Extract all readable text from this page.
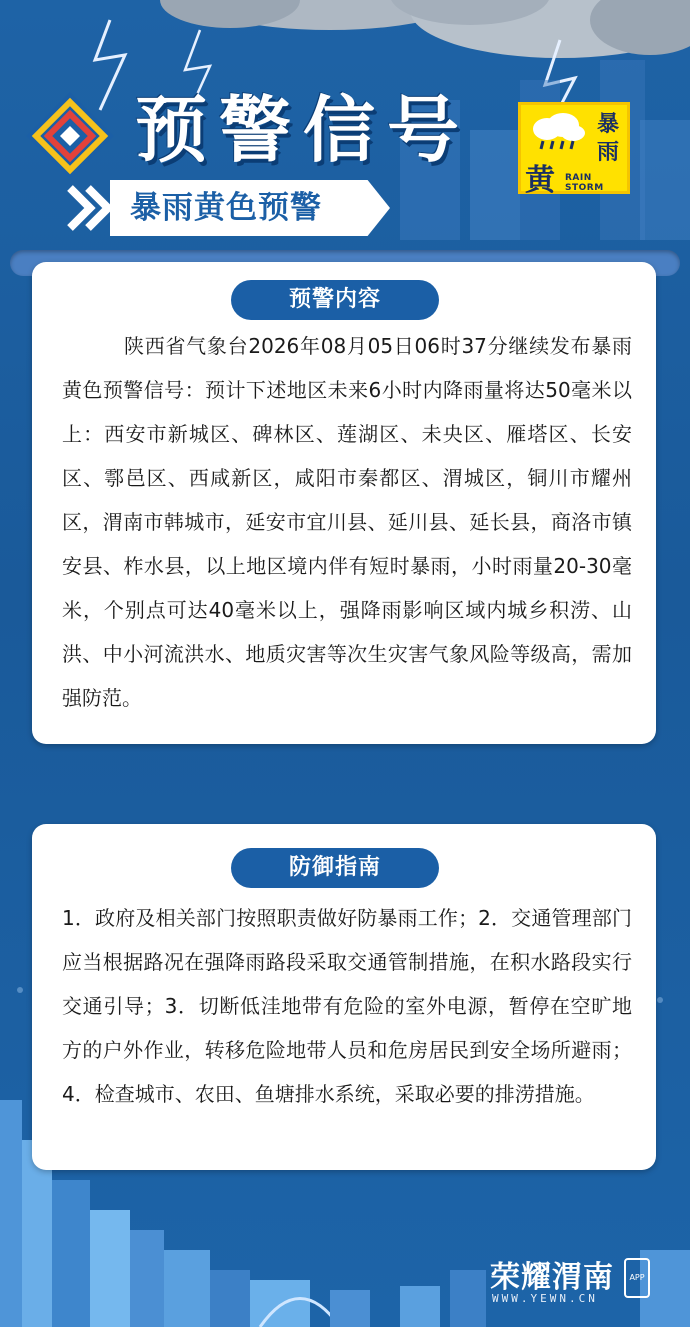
预警信号
暴雨黄色预警
暴
雨
黄 RAIN STORM
预警内容
陕西省气象台2026年08月05日06时37分继续发布暴雨黄色预警信号：预计下述地区未来6小时内降雨量将达50毫米以上：西安市新城区、碑林区、莲湖区、未央区、雁塔区、长安区、鄠邑区、西咸新区，咸阳市秦都区、渭城区，铜川市耀州区，渭南市韩城市，延安市宜川县、延川县、延长县，商洛市镇安县、柞水县，以上地区境内伴有短时暴雨，小时雨量20-30毫米，个别点可达40毫米以上，强降雨影响区域内城乡积涝、山洪、中小河流洪水、地质灾害等次生灾害气象风险等级高，需加强防范。
防御指南
1．政府及相关部门按照职责做好防暴雨工作；2．交通管理部门应当根据路况在强降雨路段采取交通管制措施，在积水路段实行交通引导；3．切断低洼地带有危险的室外电源，暂停在空旷地方的户外作业，转移危险地带人员和危房居民到安全场所避雨；4．检查城市、农田、鱼塘排水系统，采取必要的排涝措施。
荣耀渭南	APP
WWW.YEWN.CN
